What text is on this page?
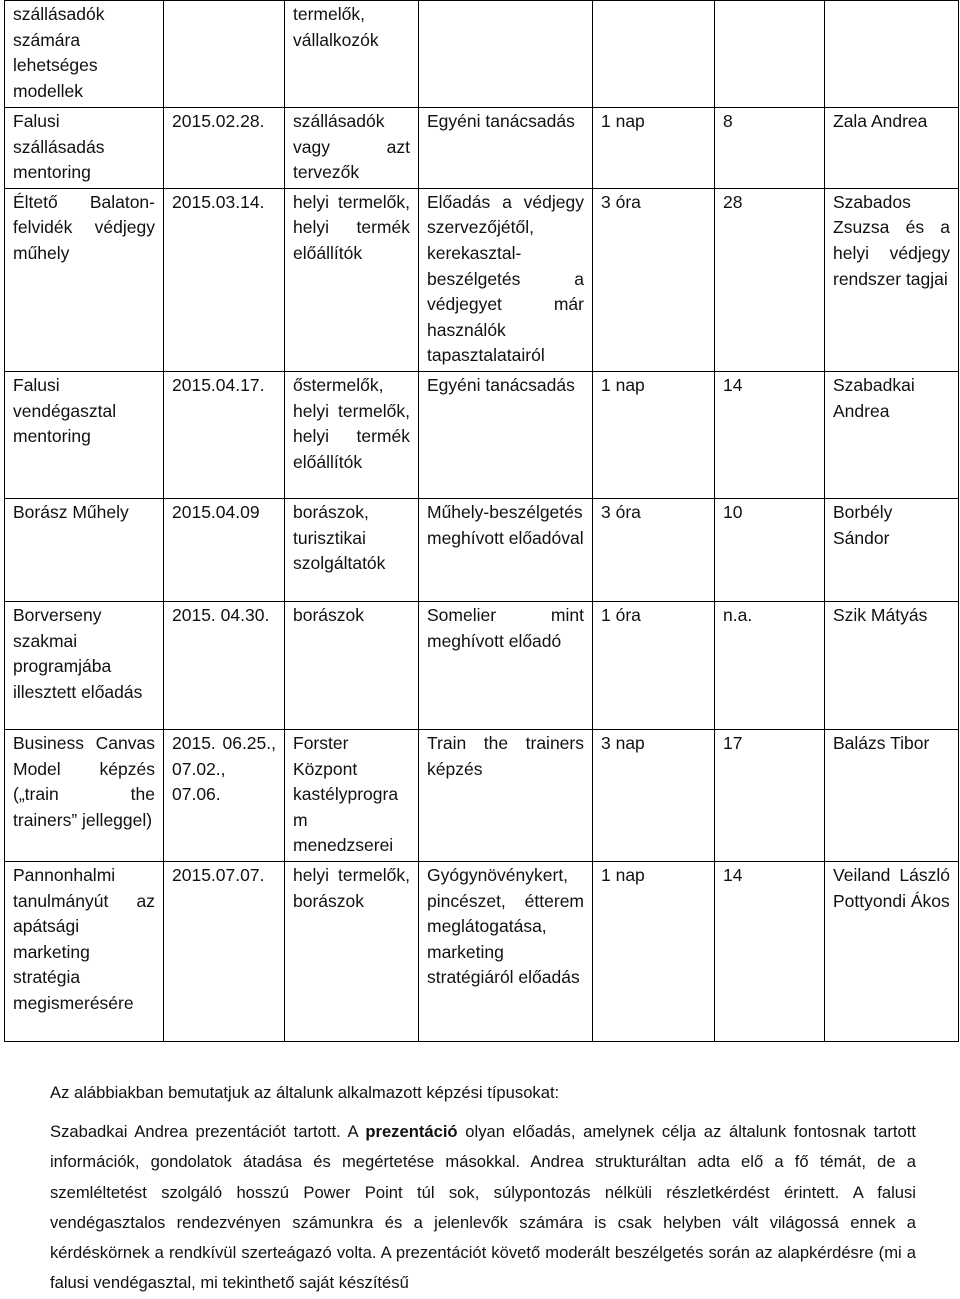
szállásadók számára lehetséges modellek		termelők, vállalkozók				
Falusi szállásadás mentoring	2015.02.28.	szállásadók vagy azt tervezők	Egyéni tanácsadás	1 nap	8	Zala Andrea
Éltető Balaton-felvidék védjegy műhely	2015.03.14.	helyi termelők, helyi termék előállítók	Előadás a védjegy szervezőjétől, kerekasztal-beszélgetés a védjegyet már használók tapasztalatairól	3 óra	28	Szabados Zsuzsa és a helyi védjegy rendszer tagjai
Falusi vendégasztal mentoring	2015.04.17.	őstermelők, helyi termelők, helyi termék előállítók	Egyéni tanácsadás	1 nap	14	Szabadkai Andrea
Borász Műhely	2015.04.09	borászok, turisztikai szolgáltatók	Műhely-beszélgetés meghívott előadóval	3 óra	10	Borbély Sándor
Borverseny szakmai programjába illesztett előadás	2015. 04.30.	borászok	Somelier mint meghívott előadó	1 óra	n.a.	Szik Mátyás
Business Canvas Model képzés („train the trainers” jelleggel)	2015. 06.25., 07.02., 07.06.	Forster Központ kastélyprogram menedzserei	Train the trainers képzés	3 nap	17	Balázs Tibor
Pannonhalmi tanulmányút az apátsági marketing stratégia megismerésére	2015.07.07.	helyi termelők, borászok	Gyógynövénykert, pincészet, étterem meglátogatása, marketing stratégiáról előadás	1 nap	14	Veiland László Pottyondi Ákos

Az alábbiakban bemutatjuk az általunk alkalmazott képzési típusokat:

Szabadkai Andrea prezentációt tartott. A prezentáció olyan előadás, amelynek célja az általunk fontosnak tartott információk, gondolatok átadása és megértetése másokkal. Andrea strukturáltan adta elő a fő témát, de a szemléltetést szolgáló hosszú Power Point túl sok, súlypontozás nélküli részletkérdést érintett. A falusi vendégasztalos rendezvényen számunkra és a jelenlevők számára is csak helyben vált világossá ennek a kérdéskörnek a rendkívül szerteágazó volta. A prezentációt követő moderált beszélgetés során az alapkérdésre (mi a falusi vendégasztal, mi tekinthető saját készítésű
